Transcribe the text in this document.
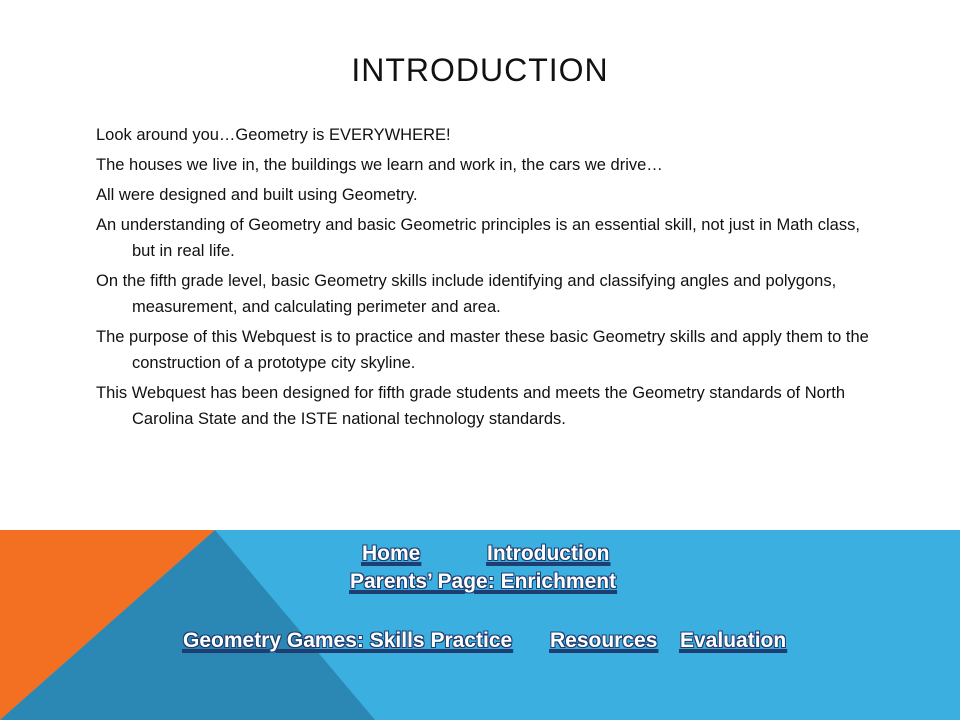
INTRODUCTION
Look around you…Geometry is EVERYWHERE!
The houses we live in, the buildings we learn and work in, the cars we drive…
All were designed and built using Geometry.
An understanding of Geometry and basic Geometric principles is an essential skill, not just in Math class, but in real life.
On the fifth grade level, basic Geometry skills include identifying and classifying angles and polygons, measurement, and calculating perimeter and area.
The purpose of this Webquest is to practice and master these basic Geometry skills and apply them to the construction of a prototype city skyline.
This Webquest has been designed for fifth grade students and meets the Geometry standards of North Carolina State and the ISTE national technology standards.
Home	Introduction
Parents’ Page: Enrichment
Geometry Games: Skills Practice Resources Evaluation
